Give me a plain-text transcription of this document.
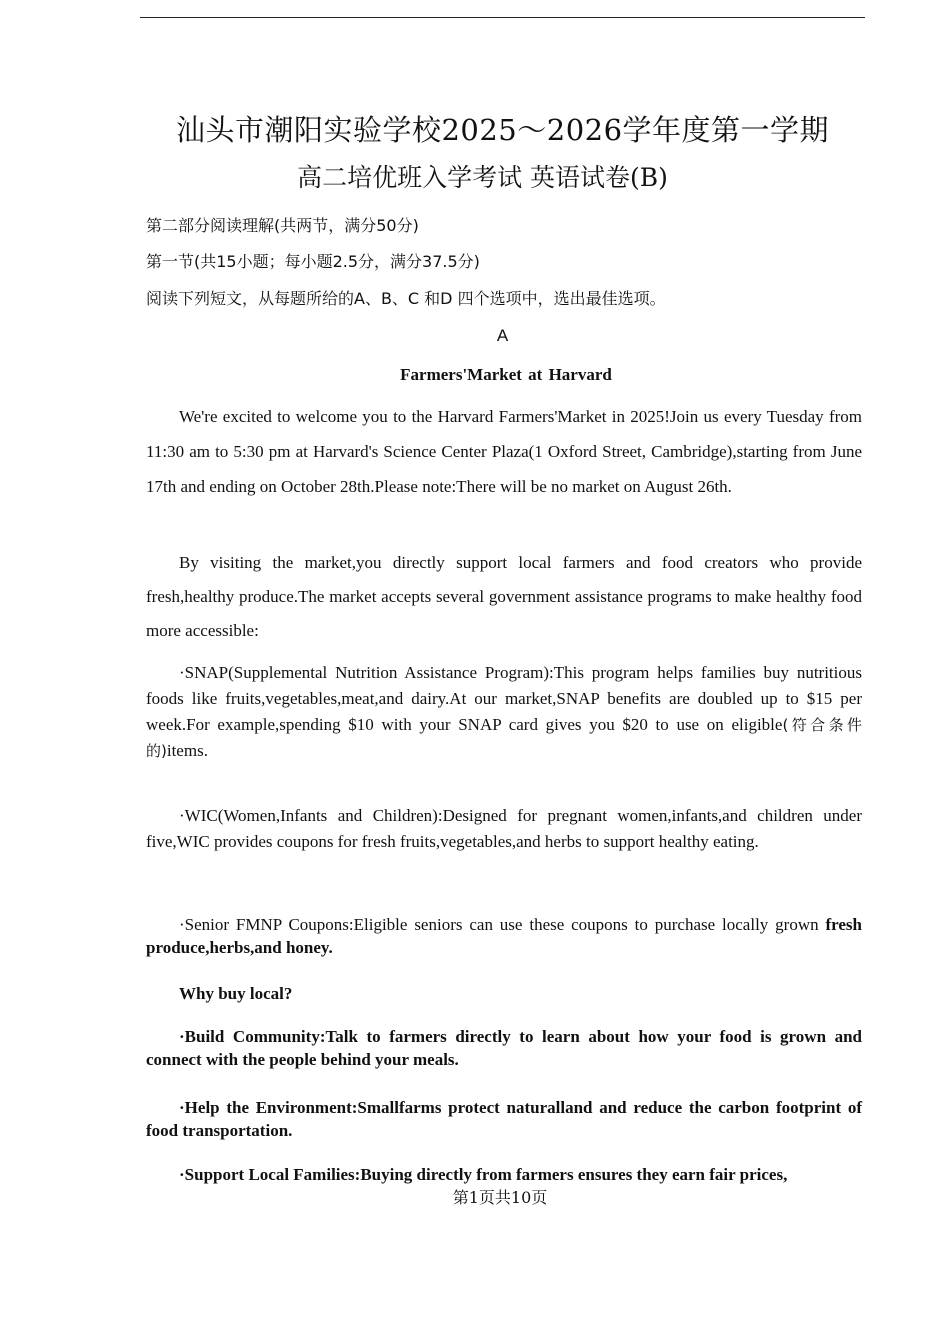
汕头市潮阳实验学校2025～2026学年度第一学期
高二培优班入学考试 英语试卷(B)
第二部分阅读理解(共两节，满分50分)
第一节(共15小题；每小题2.5分，满分37.5分)
阅读下列短文，从每题所给的A、B、C 和D 四个选项中，选出最佳选项。
A
Farmers'Market at Harvard

We're excited to welcome you to the Harvard Farmers'Market in 2025!Join us every Tuesday from 11:30 am to 5:30 pm at Harvard's Science Center Plaza(1 Oxford Street, Cambridge),starting from June 17th and ending on October 28th.Please note:There will be no market on August 26th.

By visiting the market,you directly support local farmers and food creators who provide fresh,healthy produce.The market accepts several government assistance programs to make healthy food more accessible:

·SNAP(Supplemental Nutrition Assistance Program):This program helps families buy nutritious foods like fruits,vegetables,meat,and dairy.At our market,SNAP benefits are doubled up to $15 per week.For example,spending $10 with your SNAP card gives you $20 to use on eligible(符合条件的)items.

·WIC(Women,Infants and Children):Designed for pregnant women,infants,and children under five,WIC provides coupons for fresh fruits,vegetables,and herbs to support healthy eating.

·Senior FMNP Coupons:Eligible seniors can use these coupons to purchase locally grown fresh produce,herbs,and honey.

Why buy local?

·Build Community:Talk to farmers directly to learn about how your food is grown and connect with the people behind your meals.

·Help the Environment:Smallfarms protect naturalland and reduce the carbon footprint of food transportation.

·Support Local Families:Buying directly from farmers ensures they earn fair prices,

第1页共10页
